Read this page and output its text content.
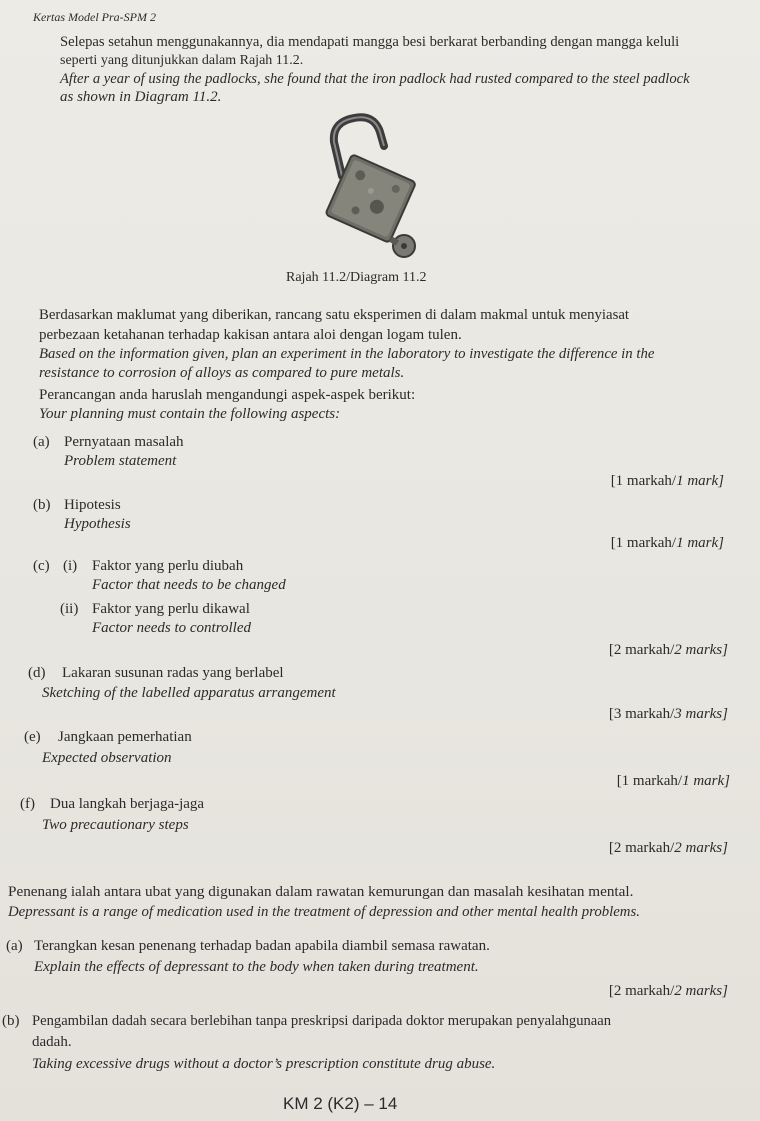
Kertas Model Pra-SPM 2
Selepas setahun menggunakannya, dia mendapati mangga besi berkarat berbanding dengan mangga keluli
seperti yang ditunjukkan dalam Rajah 11.2.
After a year of using the padlocks, she found that the iron padlock had rusted compared to the steel padlock
as shown in Diagram 11.2.
Rajah 11.2/Diagram 11.2
Berdasarkan maklumat yang diberikan, rancang satu eksperimen di dalam makmal untuk menyiasat
perbezaan ketahanan terhadap kakisan antara aloi dengan logam tulen.
Based on the information given, plan an experiment in the laboratory to investigate the difference in the
resistance to corrosion of alloys as compared to pure metals.
Perancangan anda haruslah mengandungi aspek-aspek berikut:
Your planning must contain the following aspects:
(a) Pernyataan masalah
Problem statement
[1 markah/1 mark]
(b) Hipotesis
Hypothesis
[1 markah/1 mark]
(c) (i) Faktor yang perlu diubah
Factor that needs to be changed
(ii) Faktor yang perlu dikawal
Factor needs to controlled
[2 markah/2 marks]
(d) Lakaran susunan radas yang berlabel
Sketching of the labelled apparatus arrangement
[3 markah/3 marks]
(e) Jangkaan pemerhatian
Expected observation
[1 markah/1 mark]
(f) Dua langkah berjaga-jaga
Two precautionary steps
[2 markah/2 marks]
Penenang ialah antara ubat yang digunakan dalam rawatan kemurungan dan masalah kesihatan mental.
Depressant is a range of medication used in the treatment of depression and other mental health problems.
(a) Terangkan kesan penenang terhadap badan apabila diambil semasa rawatan.
Explain the effects of depressant to the body when taken during treatment.
[2 markah/2 marks]
(b) Pengambilan dadah secara berlebihan tanpa preskripsi daripada doktor merupakan penyalahgunaan
dadah.
Taking excessive drugs without a doctor’s prescription constitute drug abuse.
KM 2 (K2) – 14
